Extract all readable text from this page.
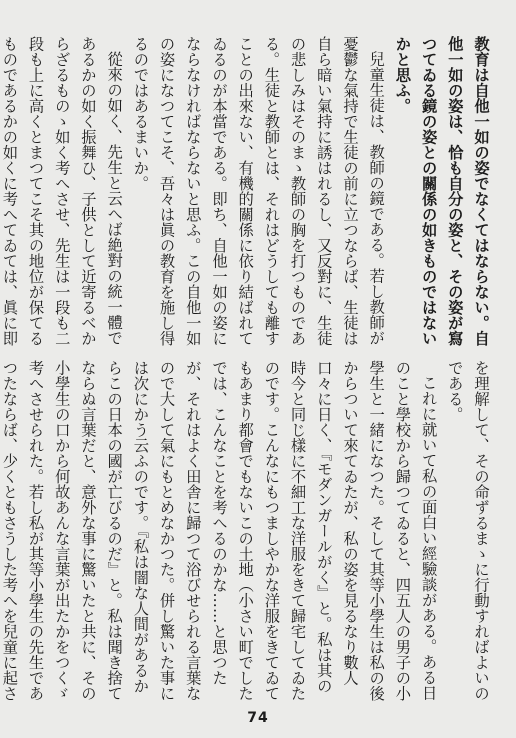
教育は自他一如の姿でなくてはならない。自他一如の姿は、恰も自分の姿と、その姿が寫つてゐる鏡の姿との關係の如きものではないかと思ふ。

兒童生徒は、教師の鏡である。若し教師が憂鬱な氣持で生徒の前に立つならば、生徒は自ら暗い氣持に誘はれるし、又反對に、生徒の悲しみはそのまゝ教師の胸を打つものである。生徒と教師とは、それはどうしても離すことの出來ない、有機的關係に依り結ばれてゐるのが本當である。即ち、自他一如の姿にならなければならないと思ふ。この自他一如の姿になつてこそ、吾々は眞の教育を施し得るのではあるまいか。

從來の如く、先生と云へば絶對の統一體であるかの如く振舞ひ、子供として近寄るべからざるものゝ如く考へさせ、先生は一段も二段も上に高くとまつてこそ其の地位が保てるものであるかの如くに考へてゐては、眞に即

を理解して、その命ずるまゝに行動すればよいのである。

これに就いて私の面白い經驗談がある。ある日のこと學校から歸つてゐると、四五人の男子の小學生と一緒になつた。そして其等小學生は私の後からついて來てゐたが、私の姿を見るなり數人口々に日く、『モダンガールがく』と。私は其の時今と同じ樣に不細工な洋服をきて歸宅してゐたのです。こんなにもつましやかな洋服をきてゐてもあまり都會でもないこの土地（小さい町でしたでは、こんなことを考へるのかな……と思つたが、それはよく田舎に歸つて浴びせられる言葉なので大して氣にもとめなかつた。併し驚いた事には次にかう云ふのです。『私は闇な人間があるからこの日本の國が亡びるのだ』と。私は聞き捨てならぬ言葉だと、意外な事に驚いたと共に、その小學生の口から何故あんな言葉が出たかをつくゞ考へさせられた。若し私が其等小學生の先生であつたならば、少くともさうした考へを兒童に起さ

74
